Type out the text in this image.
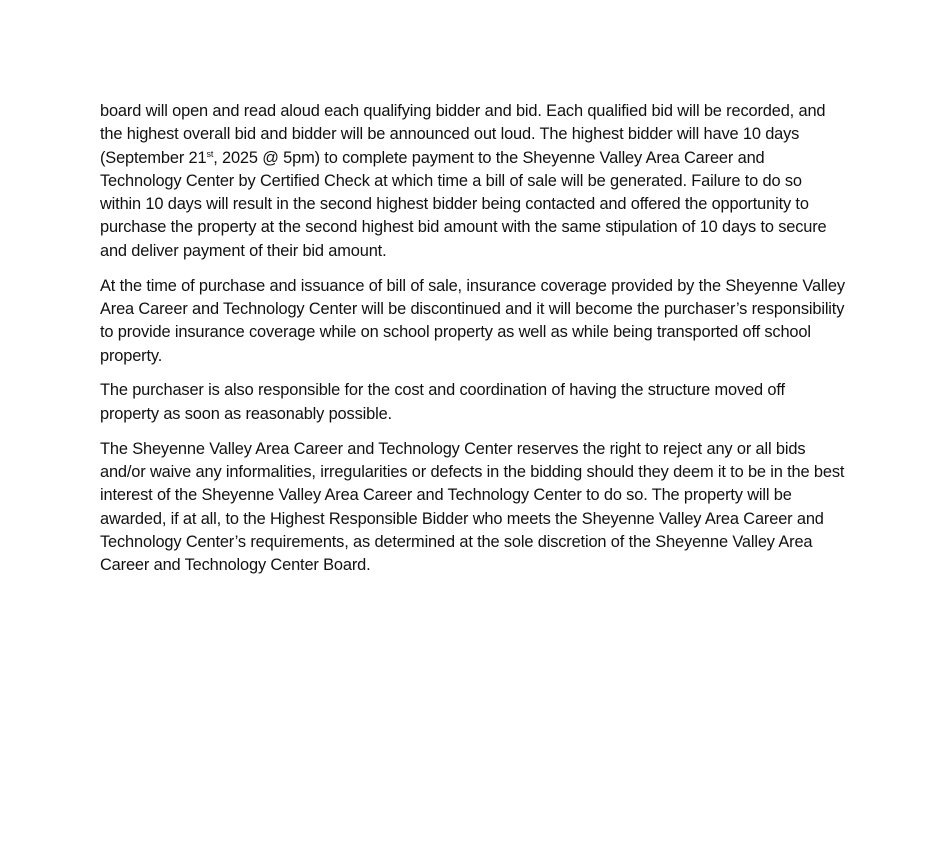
board will open and read aloud each qualifying bidder and bid. Each qualified bid will be recorded, and the highest overall bid and bidder will be announced out loud. The highest bidder will have 10 days (September 21st, 2025 @ 5pm) to complete payment to the Sheyenne Valley Area Career and Technology Center by Certified Check at which time a bill of sale will be generated. Failure to do so within 10 days will result in the second highest bidder being contacted and offered the opportunity to purchase the property at the second highest bid amount with the same stipulation of 10 days to secure and deliver payment of their bid amount.

At the time of purchase and issuance of bill of sale, insurance coverage provided by the Sheyenne Valley Area Career and Technology Center will be discontinued and it will become the purchaser’s responsibility to provide insurance coverage while on school property as well as while being transported off school property.

The purchaser is also responsible for the cost and coordination of having the structure moved off property as soon as reasonably possible.

The Sheyenne Valley Area Career and Technology Center reserves the right to reject any or all bids and/or waive any informalities, irregularities or defects in the bidding should they deem it to be in the best interest of the Sheyenne Valley Area Career and Technology Center to do so. The property will be awarded, if at all, to the Highest Responsible Bidder who meets the Sheyenne Valley Area Career and Technology Center’s requirements, as determined at the sole discretion of the Sheyenne Valley Area Career and Technology Center Board.
